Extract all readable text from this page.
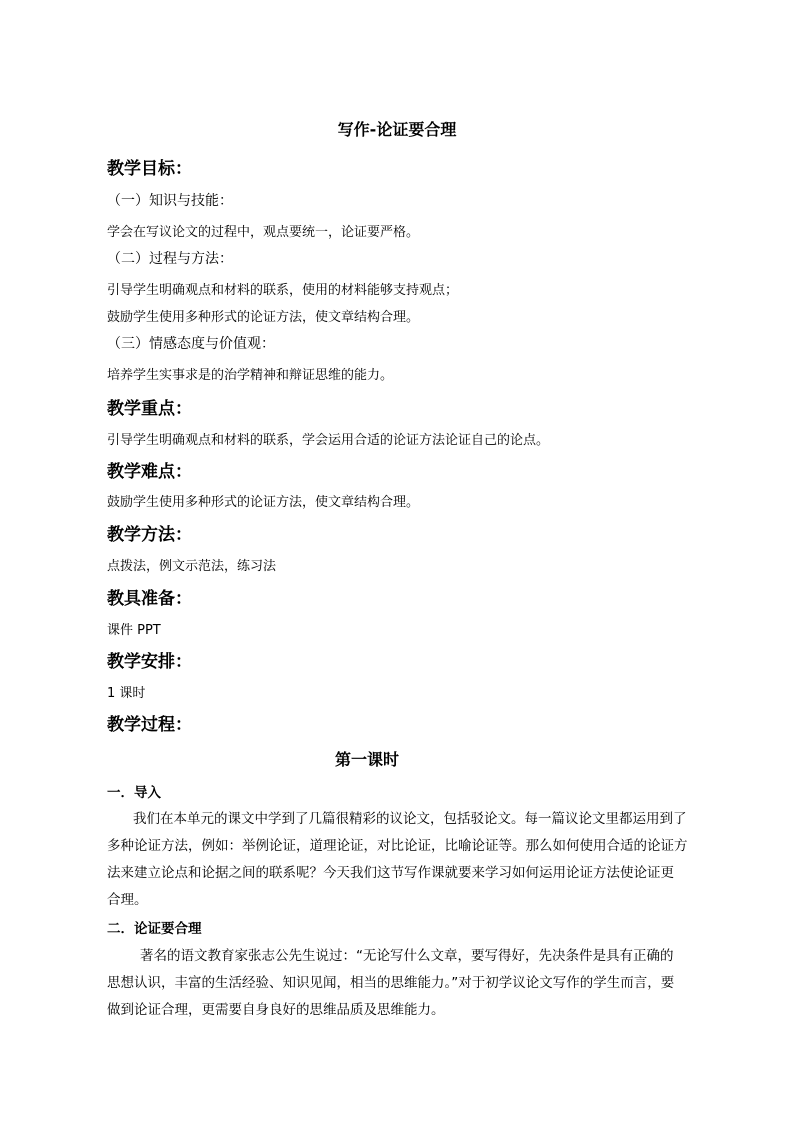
写作-论证要合理
教学目标：
（一）知识与技能：
学会在写议论文的过程中，观点要统一，论证要严格。
（二）过程与方法：
引导学生明确观点和材料的联系，使用的材料能够支持观点；
鼓励学生使用多种形式的论证方法，使文章结构合理。
（三）情感态度与价值观：
培养学生实事求是的治学精神和辩证思维的能力。
教学重点：
引导学生明确观点和材料的联系，学会运用合适的论证方法论证自己的论点。
教学难点：
鼓励学生使用多种形式的论证方法，使文章结构合理。
教学方法：
点拨法，例文示范法，练习法
教具准备：
课件 PPT
教学安排：
1 课时
教学过程：
第一课时
一．导入
我们在本单元的课文中学到了几篇很精彩的议论文，包括驳论文。每一篇议论文里都运用到了
多种论证方法，例如：举例论证，道理论证，对比论证，比喻论证等。那么如何使用合适的论证方
法来建立论点和论据之间的联系呢？今天我们这节写作课就要来学习如何运用论证方法使论证更
合理。
二．论证要合理
著名的语文教育家张志公先生说过：“无论写什么文章，要写得好，先决条件是具有正确的
思想认识，丰富的生活经验、知识见闻，相当的思维能力。”对于初学议论文写作的学生而言，要
做到论证合理，更需要自身良好的思维品质及思维能力。
